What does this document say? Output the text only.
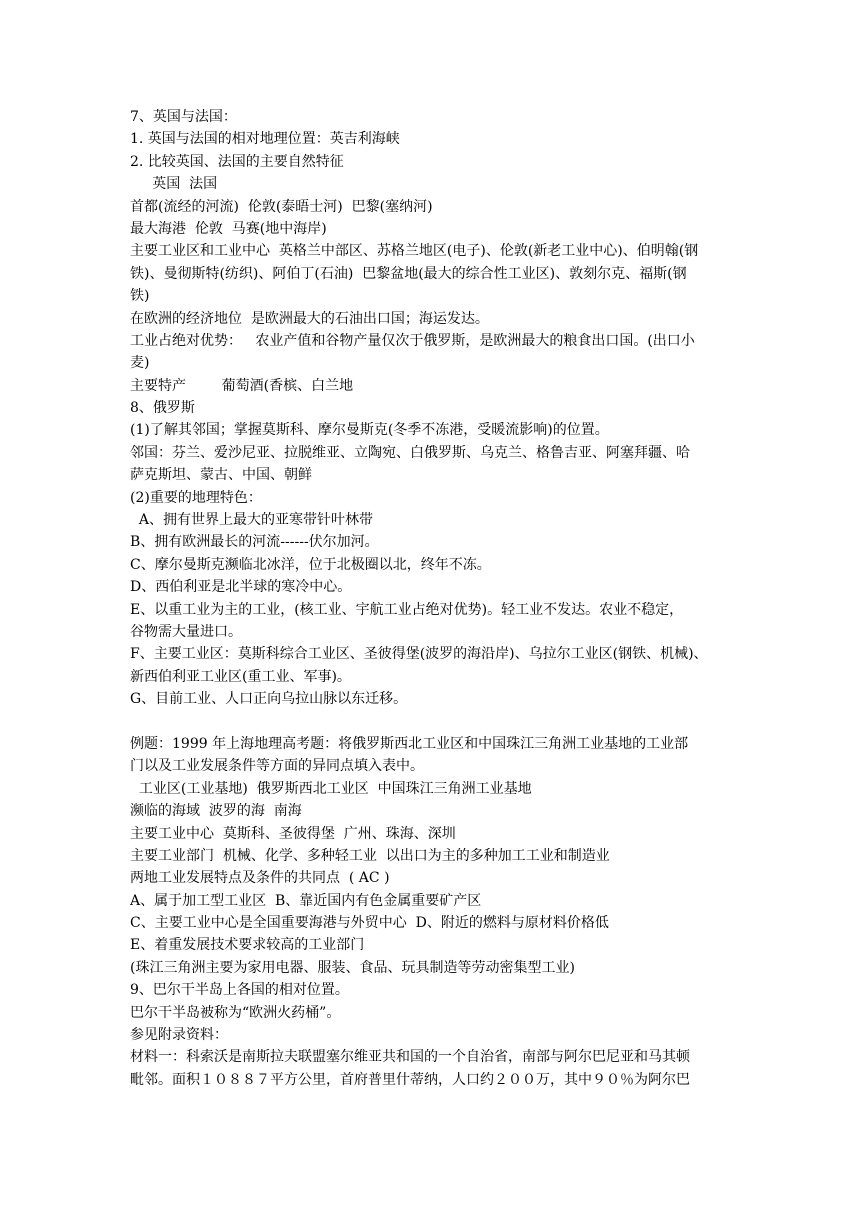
7、英国与法国：
1. 英国与法国的相对地理位置：英吉利海峡
2. 比较英国、法国的主要自然特征
英国  法国
首都(流经的河流)  伦敦(泰晤士河)  巴黎(塞纳河)
最大海港  伦敦  马赛(地中海岸)
主要工业区和工业中心  英格兰中部区、苏格兰地区(电子)、伦敦(新老工业中心)、伯明翰(钢
铁)、曼彻斯特(纺织)、阿伯丁(石油)  巴黎盆地(最大的综合性工业区)、敦刻尔克、福斯(钢
铁)
在欧洲的经济地位  是欧洲最大的石油出口国；海运发达。
工业占绝对优势：   农业产值和谷物产量仅次于俄罗斯，是欧洲最大的粮食出口国。(出口小
麦)
主要特产        葡萄酒(香槟、白兰地
8、俄罗斯
(1)了解其邻国；掌握莫斯科、摩尔曼斯克(冬季不冻港，受暖流影响)的位置。
邻国：芬兰、爱沙尼亚、拉脱维亚、立陶宛、白俄罗斯、乌克兰、格鲁吉亚、阿塞拜疆、哈
萨克斯坦、蒙古、中国、朝鲜
(2)重要的地理特色：
A、拥有世界上最大的亚寒带针叶林带
B、拥有欧洲最长的河流------伏尔加河。
C、摩尔曼斯克濒临北冰洋，位于北极圈以北，终年不冻。
D、西伯利亚是北半球的寒冷中心。
E、以重工业为主的工业，(核工业、宇航工业占绝对优势)。轻工业不发达。农业不稳定，
谷物需大量进口。
F、主要工业区：莫斯科综合工业区、圣彼得堡(波罗的海沿岸)、乌拉尔工业区(钢铁、机械)、
新西伯利亚工业区(重工业、军事)。
G、目前工业、人口正向乌拉山脉以东迁移。
例题：1999 年上海地理高考题：将俄罗斯西北工业区和中国珠江三角洲工业基地的工业部
门以及工业发展条件等方面的异同点填入表中。
工业区(工业基地)  俄罗斯西北工业区  中国珠江三角洲工业基地
濒临的海域  波罗的海  南海
主要工业中心  莫斯科、圣彼得堡  广州、珠海、深圳
主要工业部门  机械、化学、多种轻工业  以出口为主的多种加工工业和制造业
两地工业发展特点及条件的共同点  ( AC )
A、属于加工型工业区  B、靠近国内有色金属重要矿产区
C、主要工业中心是全国重要海港与外贸中心  D、附近的燃料与原材料价格低
E、着重发展技术要求较高的工业部门
(珠江三角洲主要为家用电器、服装、食品、玩具制造等劳动密集型工业)
9、巴尔干半岛上各国的相对位置。
巴尔干半岛被称为“欧洲火药桶”。
参见附录资料：
材料一：科索沃是南斯拉夫联盟塞尔维亚共和国的一个自治省，南部与阿尔巴尼亚和马其顿
毗邻。面积１０８８７平方公里，首府普里什蒂纳，人口约２００万，其中９０％为阿尔巴
